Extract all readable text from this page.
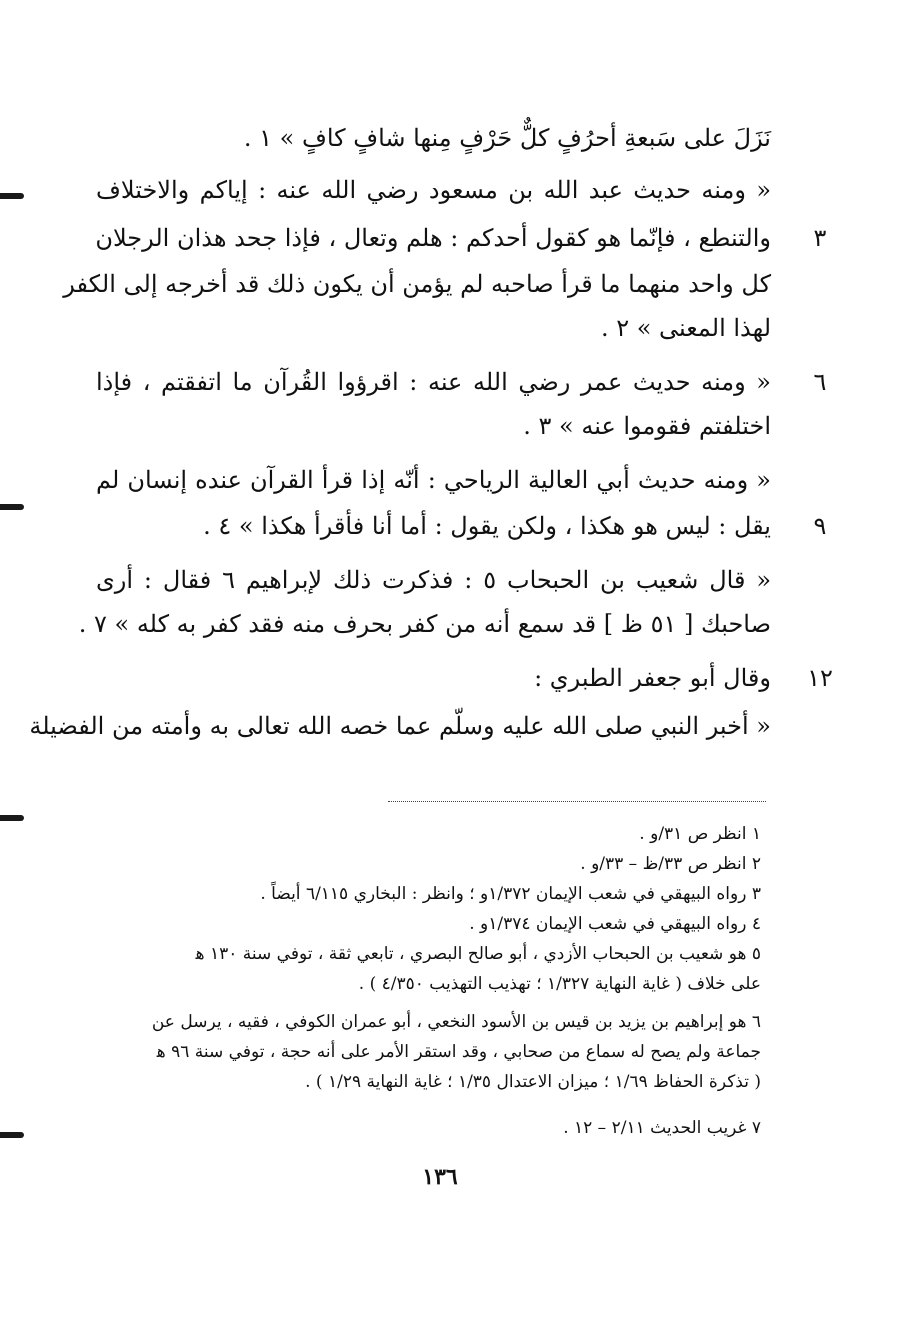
نَزَلَ على سَبعةِ أحرُفٍ كلٌّ حَرْفٍ مِنها شافٍ كافٍ » ١ .
« ومنه حديث عبد الله بن مسعود رضي الله عنه : إياكم والاختلاف
والتنطع ، فإنّما هو كقول أحدكم : هلم وتعال ، فإذا جحد هذان الرجلان
كل واحد منهما ما قرأ صاحبه لم يؤمن أن يكون ذلك قد أخرجه إلى الكفر
لهذا المعنى » ٢ .
« ومنه حديث عمر رضي الله عنه : اقرؤوا القُرآن ما اتفقتم ، فإذا
اختلفتم فقوموا عنه » ٣ .
« ومنه حديث أبي العالية الرياحي : أنّه إذا قرأ القرآن عنده إنسان لم
يقل : ليس هو هكذا ، ولكن يقول : أما أنا فأقرأ هكذا » ٤ .
« قال شعيب بن الحبحاب ٥ : فذكرت ذلك لإبراهيم ٦ فقال : أرى
صاحبك [ ٥١ ظ ] قد سمع أنه من كفر بحرف منه فقد كفر به كله » ٧ .
وقال أبو جعفر الطبري :
« أخبر النبي صلى الله عليه وسلّم عما خصه الله تعالى به وأمته من الفضيلة
٣
٦
٩
١٢
١ انظر ص ٣١/و .
٢ انظر ص ٣٣/ظ – ٣٣/و .
٣ رواه البيهقي في شعب الإيمان ١/٣٧٢و ؛ وانظر : البخاري ٦/١١٥ أيضاً .
٤ رواه البيهقي في شعب الإيمان ١/٣٧٤و .
٥ هو شعيب بن الحبحاب الأزدي ، أبو صالح البصري ، تابعي ثقة ، توفي سنة ١٣٠ ﻫ
على خلاف ( غاية النهاية ١/٣٢٧ ؛ تهذيب التهذيب ٤/٣٥٠ ) .
٦ هو إبراهيم بن يزيد بن قيس بن الأسود النخعي ، أبو عمران الكوفي ، فقيه ، يرسل عن
جماعة ولم يصح له سماع من صحابي ، وقد استقر الأمر على أنه حجة ، توفي سنة ٩٦ ﻫ
( تذكرة الحفاظ ١/٦٩ ؛ ميزان الاعتدال ١/٣٥ ؛ غاية النهاية ١/٢٩ ) .
٧ غريب الحديث ٢/١١ – ١٢ .
١٣٦
